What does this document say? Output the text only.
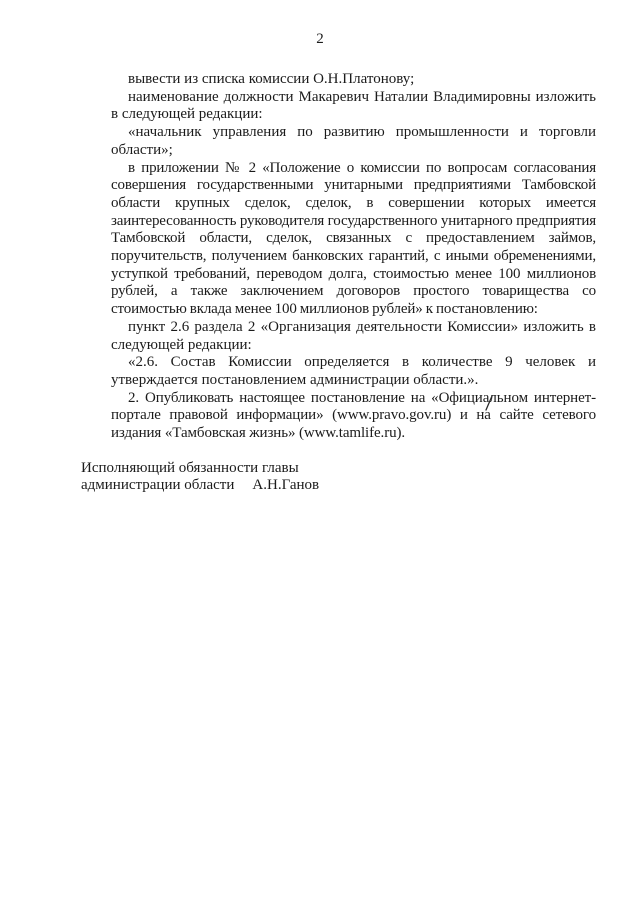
2

вывести из списка комиссии О.Н.Платонову;

наименование должности Макаревич Наталии Владимировны изложить в следующей редакции:

«начальник управления по развитию промышленности и торговли области»;

в приложении № 2 «Положение о комиссии по вопросам согласования совершения государственными унитарными предприятиями Тамбовской области крупных сделок, сделок, в совершении которых имеется заинтересованность руководителя государственного унитарного предприятия Тамбовской области, сделок, связанных с предоставлением займов, поручительств, получением банковских гарантий, с иными обременениями, уступкой требований, переводом долга, стоимостью менее 100 миллионов рублей, а также заключением договоров простого товарищества со стоимостью вклада менее 100 миллионов рублей» к постановлению:

пункт 2.6 раздела 2 «Организация деятельности Комиссии» изложить в следующей редакции:

«2.6. Состав Комиссии определяется в количестве 9 человек и утверждается постановлением администрации области.».

2. Опубликовать настоящее постановление на «Официальном интернет-портале правовой информации» (www.pravo.gov.ru) и на сайте сетевого издания «Тамбовская жизнь» (www.tamlife.ru).

Исполняющий обязанности главы
администрации области А.Н.Ганов
